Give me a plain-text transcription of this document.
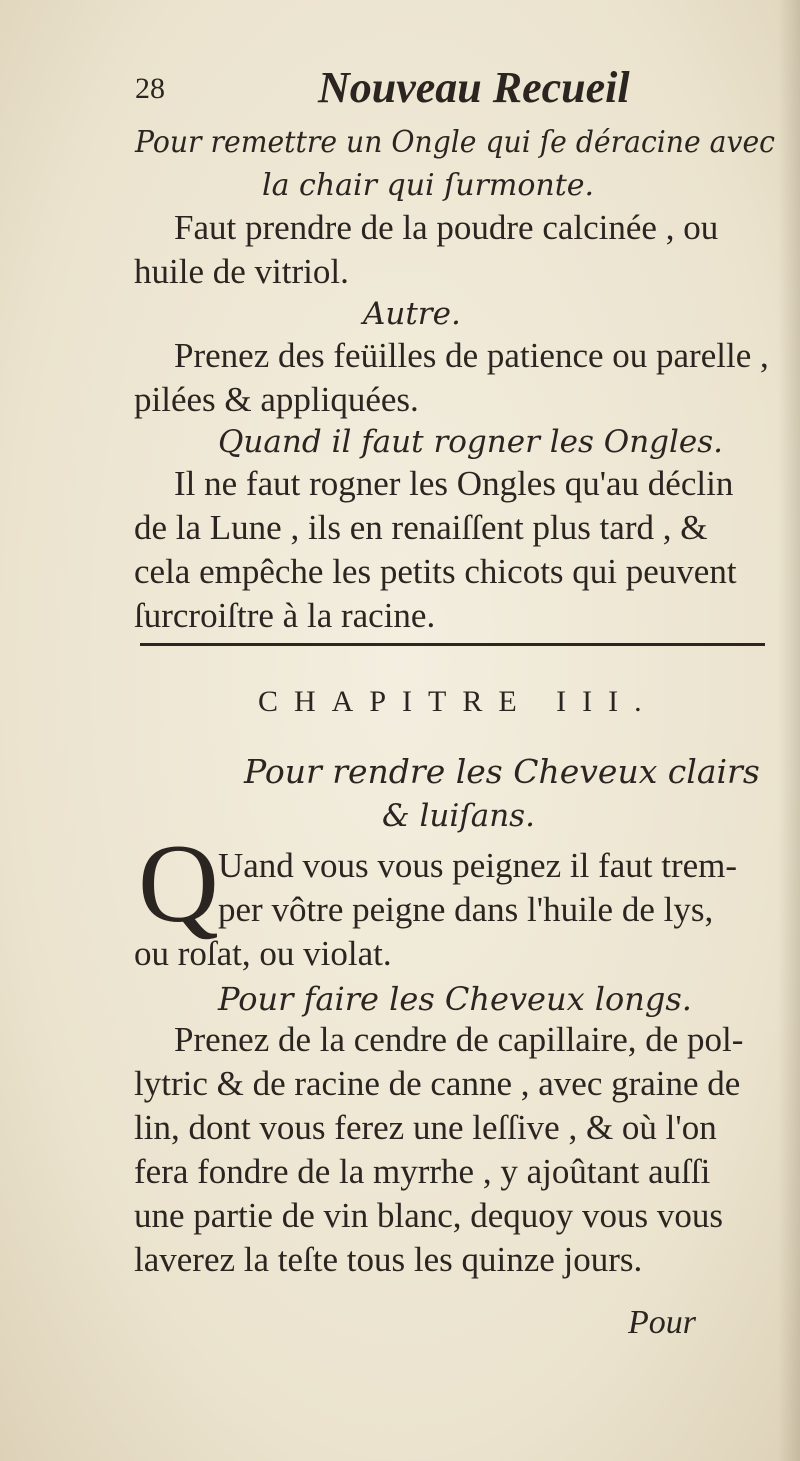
28	Nouveau Recueil
Pour remettre un Ongle qui ſe déracine avec
la chair qui ſurmonte.
Faut prendre de la poudre calcinée , ou
huile de vitriol.
Autre.
Prenez des feüilles de patience ou parelle ,
pilées & appliquées.
Quand il faut rogner les Ongles.
Il ne faut rogner les Ongles qu'au déclin
de la Lune , ils en renaiſſent plus tard , &
cela empêche les petits chicots qui peuvent
ſurcroiſtre à la racine.
CHAPITRE III.
Pour rendre les Cheveux clairs
& luiſans.
Q Uand vous vous peignez il faut trem-
per vôtre peigne dans l'huile de lys,
ou roſat, ou violat.
Pour faire les Cheveux longs.
Prenez de la cendre de capillaire, de pol-
lytric & de racine de canne , avec graine de
lin, dont vous ferez une leſſive , & où l'on
fera fondre de la myrrhe , y ajoûtant auſſi
une partie de vin blanc, dequoy vous vous
laverez la teſte tous les quinze jours.
Pour
